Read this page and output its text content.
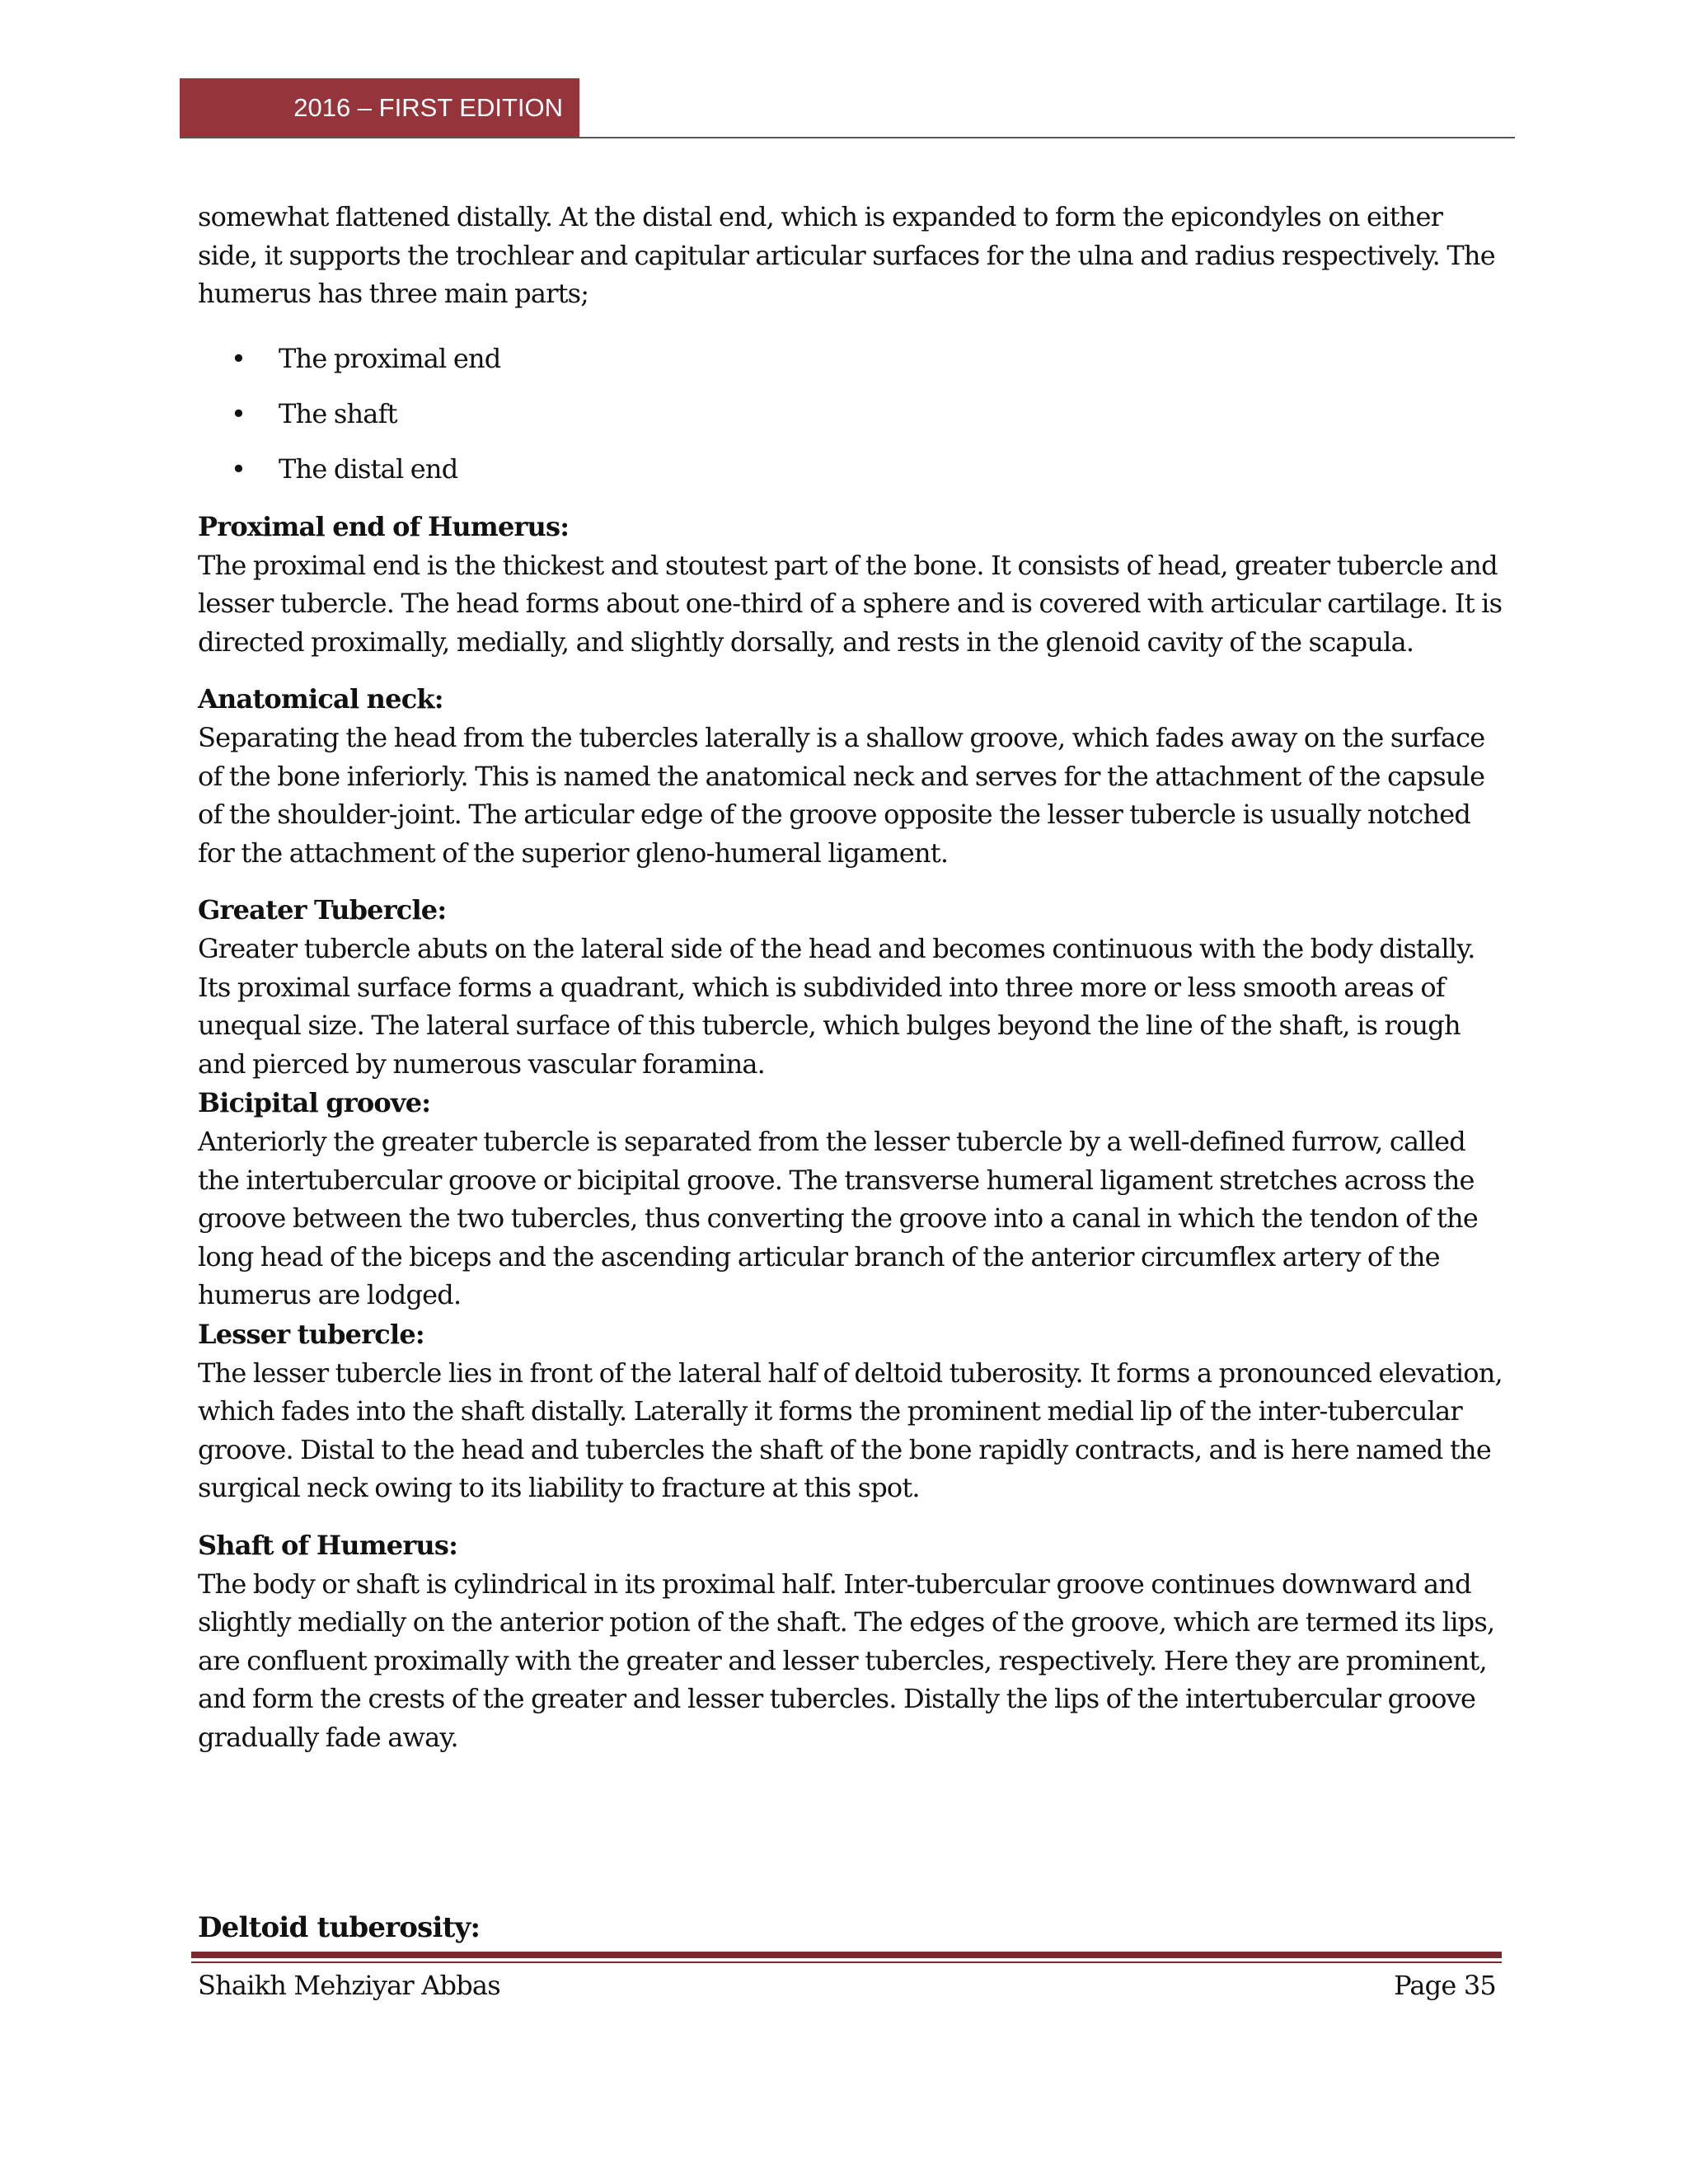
2016 – FIRST EDITION

somewhat flattened distally. At the distal end, which is expanded to form the epicondyles on either side, it supports the trochlear and capitular articular surfaces for the ulna and radius respectively. The humerus has three main parts;

• The proximal end
• The shaft
• The distal end
Proximal end of Humerus:

The proximal end is the thickest and stoutest part of the bone. It consists of head, greater tubercle and lesser tubercle. The head forms about one-third of a sphere and is covered with articular cartilage. It is directed proximally, medially, and slightly dorsally, and rests in the glenoid cavity of the scapula.

Anatomical neck:

Separating the head from the tubercles laterally is a shallow groove, which fades away on the surface of the bone inferiorly. This is named the anatomical neck and serves for the attachment of the capsule of the shoulder-joint. The articular edge of the groove opposite the lesser tubercle is usually notched for the attachment of the superior gleno-humeral ligament.

Greater Tubercle:

Greater tubercle abuts on the lateral side of the head and becomes continuous with the body distally. Its proximal surface forms a quadrant, which is subdivided into three more or less smooth areas of unequal size. The lateral surface of this tubercle, which bulges beyond the line of the shaft, is rough and pierced by numerous vascular foramina.

Bicipital groove:

Anteriorly the greater tubercle is separated from the lesser tubercle by a well-defined furrow, called the intertubercular groove or bicipital groove. The transverse humeral ligament stretches across the groove between the two tubercles, thus converting the groove into a canal in which the tendon of the long head of the biceps and the ascending articular branch of the anterior circumflex artery of the humerus are lodged.

Lesser tubercle:

The lesser tubercle lies in front of the lateral half of deltoid tuberosity. It forms a pronounced elevation, which fades into the shaft distally. Laterally it forms the prominent medial lip of the inter-tubercular groove. Distal to the head and tubercles the shaft of the bone rapidly contracts, and is here named the surgical neck owing to its liability to fracture at this spot.

Shaft of Humerus:

The body or shaft is cylindrical in its proximal half. Inter-tubercular groove continues downward and slightly medially on the anterior potion of the shaft. The edges of the groove, which are termed its lips, are confluent proximally with the greater and lesser tubercles, respectively. Here they are prominent, and form the crests of the greater and lesser tubercles. Distally the lips of the intertubercular groove gradually fade away.

Deltoid tuberosity:
Shaikh Mehziyar Abbas	Page 35
